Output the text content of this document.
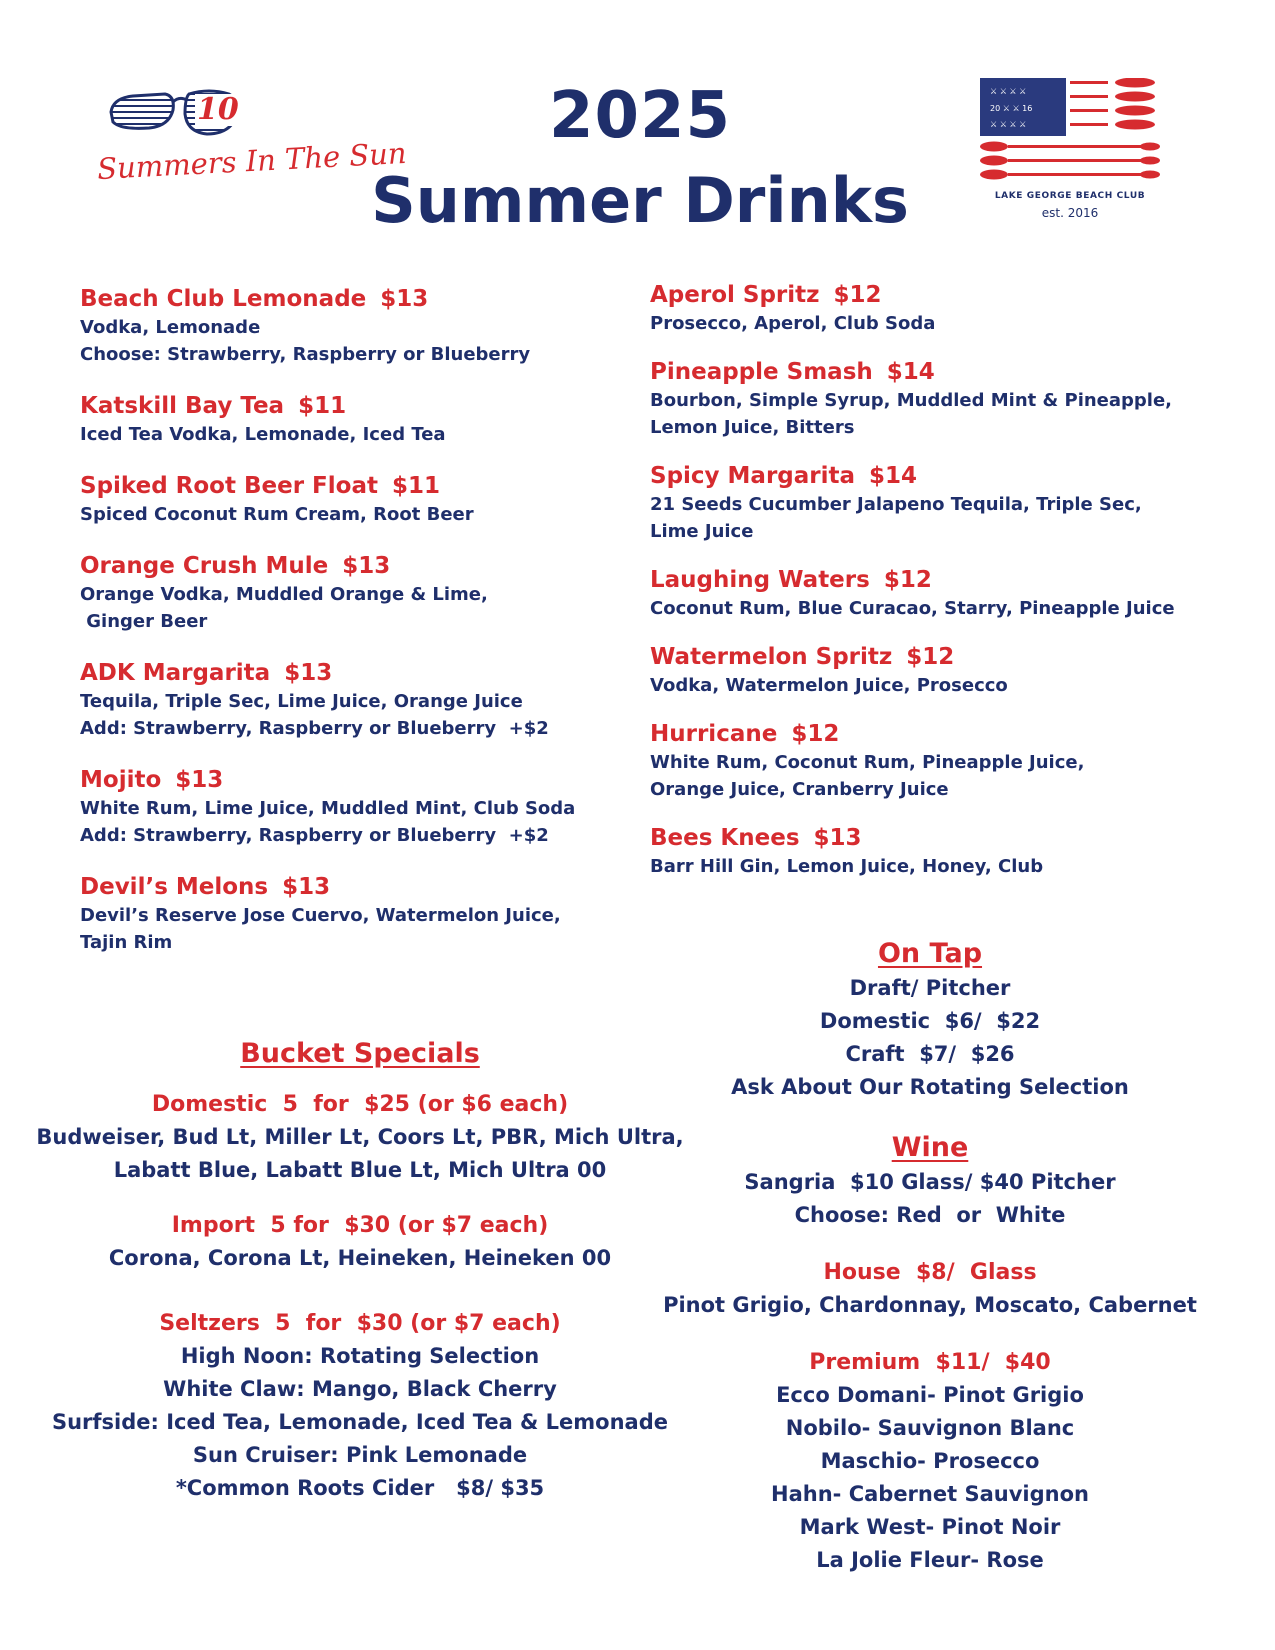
10
Summers In The Sun
2025
Summer Drinks
⚔ ⚔ ⚔ ⚔
20 ⚔ ⚔ 16
⚔ ⚔ ⚔ ⚔
LAKE GEORGE BEACH CLUB
est. 2016
Beach Club Lemonade $13
Vodka, Lemonade
Choose: Strawberry, Raspberry or Blueberry
Katskill Bay Tea $11
Iced Tea Vodka, Lemonade, Iced Tea
Spiked Root Beer Float $11
Spiced Coconut Rum Cream, Root Beer
Orange Crush Mule $13
Orange Vodka, Muddled Orange & Lime,
Ginger Beer
ADK Margarita $13
Tequila, Triple Sec, Lime Juice, Orange Juice
Add: Strawberry, Raspberry or Blueberry  +$2
Mojito $13
White Rum, Lime Juice, Muddled Mint, Club Soda
Add: Strawberry, Raspberry or Blueberry  +$2
Devil’s Melons $13
Devil’s Reserve Jose Cuervo, Watermelon Juice,
Tajin Rim
Aperol Spritz $12
Prosecco, Aperol, Club Soda
Pineapple Smash $14
Bourbon, Simple Syrup, Muddled Mint & Pineapple,
Lemon Juice, Bitters
Spicy Margarita $14
21 Seeds Cucumber Jalapeno Tequila, Triple Sec,
Lime Juice
Laughing Waters $12
Coconut Rum, Blue Curacao, Starry, Pineapple Juice
Watermelon Spritz $12
Vodka, Watermelon Juice, Prosecco
Hurricane $12
White Rum, Coconut Rum, Pineapple Juice,
Orange Juice, Cranberry Juice
Bees Knees $13
Barr Hill Gin, Lemon Juice, Honey, Club
Bucket Specials
Domestic  5  for  $25 (or $6 each)
Budweiser, Bud Lt, Miller Lt, Coors Lt, PBR, Mich Ultra,
Labatt Blue, Labatt Blue Lt, Mich Ultra 00
Import  5 for  $30 (or $7 each)
Corona, Corona Lt, Heineken, Heineken 00
Seltzers  5  for  $30 (or $7 each)
High Noon: Rotating Selection
White Claw: Mango, Black Cherry
Surfside: Iced Tea, Lemonade, Iced Tea & Lemonade
Sun Cruiser: Pink Lemonade
*Common Roots Cider   $8/ $35
On Tap
Draft/ Pitcher
Domestic  $6/  $22
Craft  $7/  $26
Ask About Our Rotating Selection
Wine
Sangria  $10 Glass/ $40 Pitcher
Choose: Red  or  White
House  $8/  Glass
Pinot Grigio, Chardonnay, Moscato, Cabernet
Premium  $11/  $40
Ecco Domani- Pinot Grigio
Nobilo- Sauvignon Blanc
Maschio- Prosecco
Hahn- Cabernet Sauvignon
Mark West- Pinot Noir
La Jolie Fleur- Rose
